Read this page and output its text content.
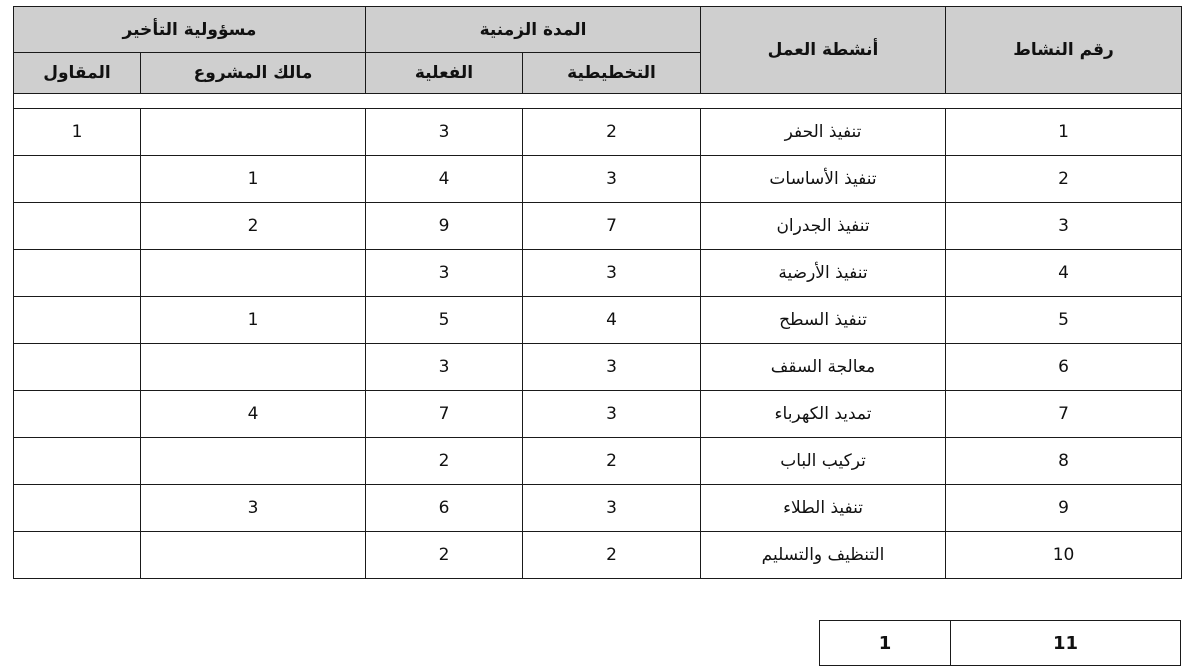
مسؤولية التأخير		المدة الزمنية		أنشطة العمل	رقم النشاط
المقاول	مالك المشروع	الفعلية	التخطيطية		

1		3	2	تنفيذ الحفر	1
	1	4	3	تنفيذ الأساسات	2
	2	9	7	تنفيذ الجدران	3
		3	3	تنفيذ الأرضية	4
	1	5	4	تنفيذ السطح	5
		3	3	معالجة السقف	6
	4	7	3	تمديد الكهرباء	7
		2	2	تركيب الباب	8
	3	6	3	تنفيذ الطلاء	9
		2	2	التنظيف والتسليم	10
1	11
